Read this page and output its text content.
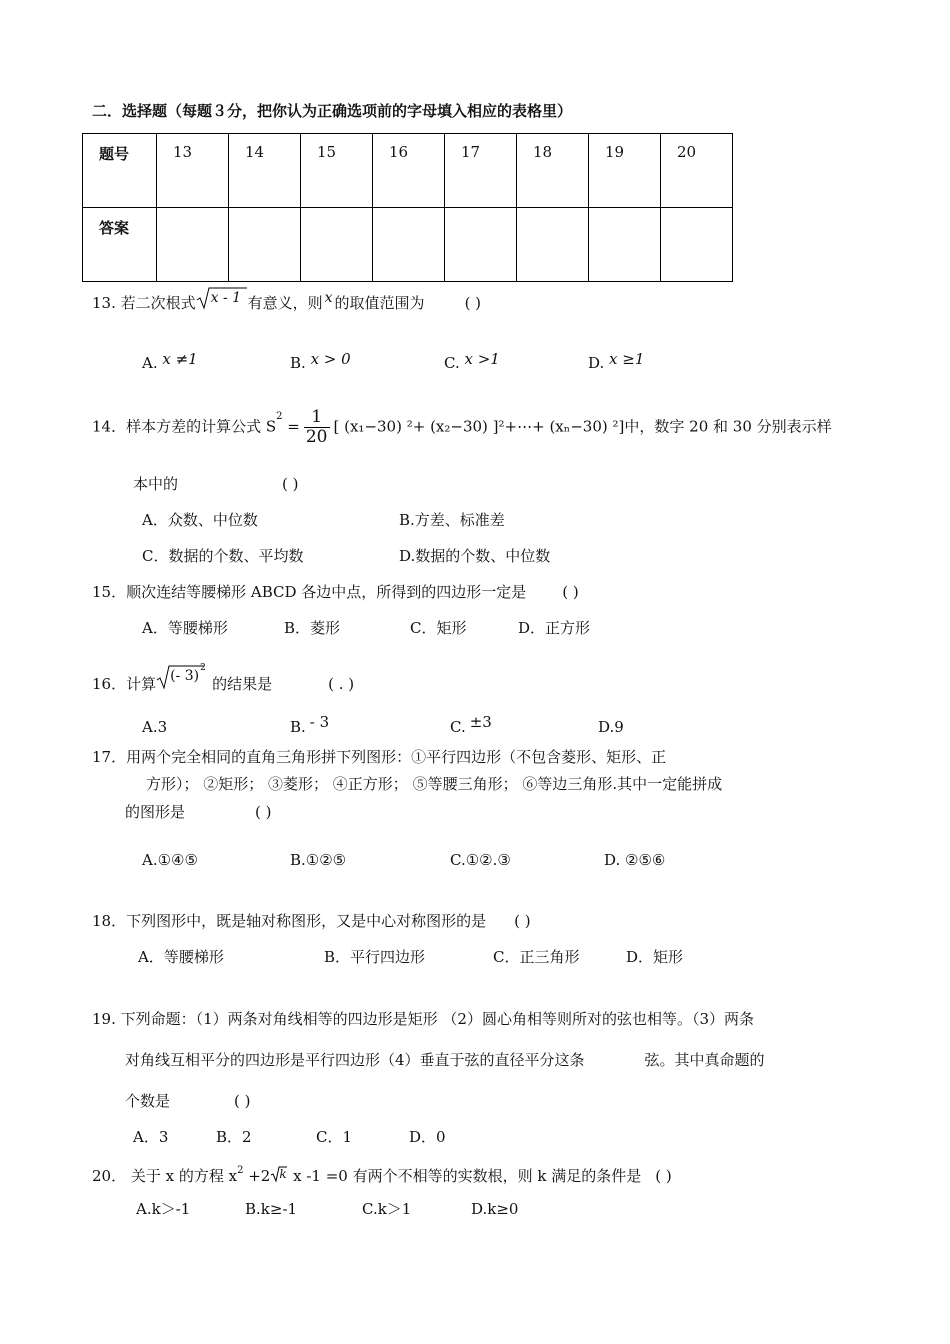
二．选择题（每题３分，把你认为正确选项前的字母填入相应的表格里）
题号	13	14	15	16	17	18	19	20
答案								
13. 若二次根式 x - 1 有意义，则 x 的取值范围为	( )
A. x ≠1	B. x > 0	C. x >1	D. x ≥1
14．样本方差的计算公式 $S^2 = \frac{1}{20}$ [ (x₁−30) ²+ (x₂−30) ]²+⋯+ (xₙ−30) ²]中，数字 20 和 30 分别表示样
本中的	( )
A．众数、中位数	B.方差、标准差
C．数据的个数、平均数	D.数据的个数、中位数
15．顺次连结等腰梯形 ABCD 各边中点，所得到的四边形一定是 ( )
A．等腰梯形	B．菱形	C．矩形	D．正方形
16．计算 (- 3) 2
的结果是	( . )
A.3	B. - 3	C. ±3	D.9
17．用两个完全相同的直角三角形拼下列图形：①平行四边形（不包含菱形、矩形、正
方形）； ②矩形； ③菱形； ④正方形； ⑤等腰三角形； ⑥等边三角形.其中一定能拼成
的图形是	( )
A.①④⑤	B.①②⑤	C.①②.③	D. ②⑤⑥
18．下列图形中，既是轴对称图形，又是中心对称图形的是 ( )
A．等腰梯形	B．平行四边形	C．正三角形	D．矩形
19. 下列命题：（1）两条对角线相等的四边形是矩形 （2）圆心角相等则所对的弦也相等。（3）两条
对角线互相平分的四边形是平行四边形（4）垂直于弦的直径平分这条	弦。其中真命题的
个数是	( )
A．3	B．2	C．1	D．0
20． 关于 x 的方程 $x^2 +2$ k x -1 =0 有两个不相等的实数根，则 k 满足的条件是 ( )
A.k＞-1	B.k≥-1	C.k＞1	D.k≥0
